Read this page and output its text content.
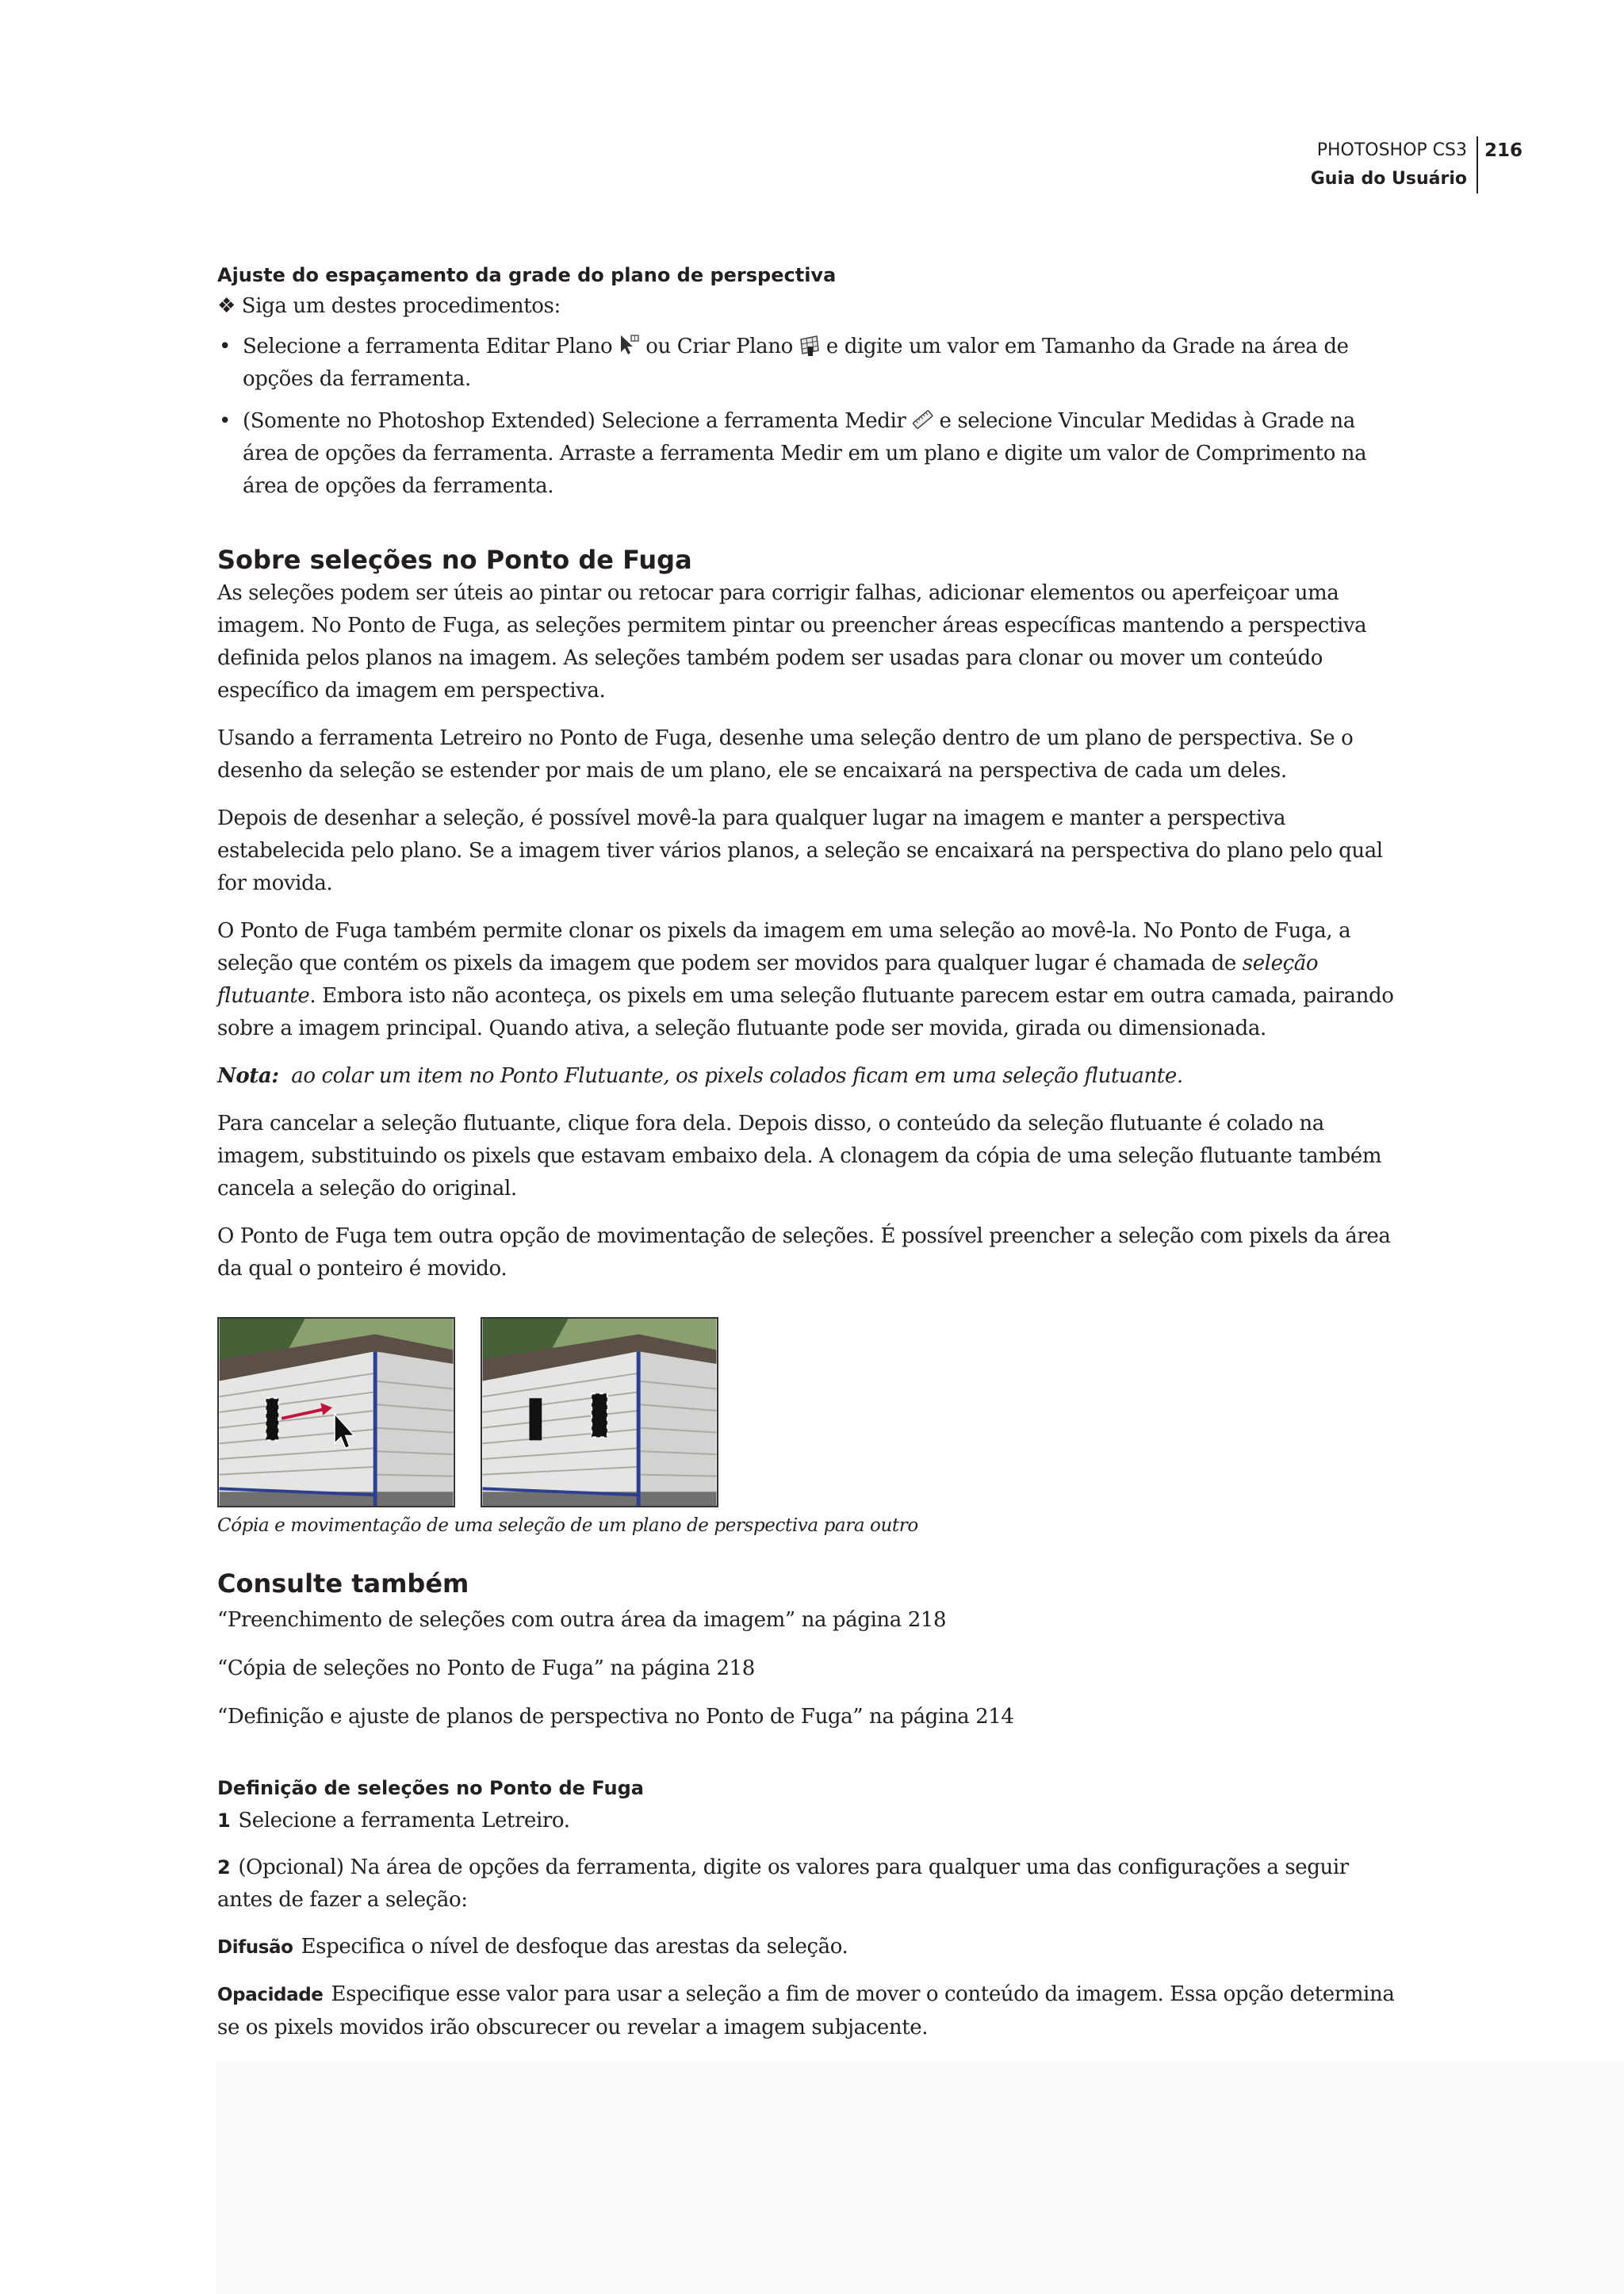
PHOTOSHOP CS3
Guia do Usuário
216
Ajuste do espaçamento da grade do plano de perspectiva

❖ Siga um destes procedimentos:

• Selecione a ferramenta Editar Plano ou Criar Plano e digite um valor em Tamanho da Grade na área de opções da ferramenta.
• (Somente no Photoshop Extended) Selecione a ferramenta Medir e selecione Vincular Medidas à Grade na área de opções da ferramenta. Arraste a ferramenta Medir em um plano e digite um valor de Comprimento na área de opções da ferramenta.
Sobre seleções no Ponto de Fuga

As seleções podem ser úteis ao pintar ou retocar para corrigir falhas, adicionar elementos ou aperfeiçoar uma imagem. No Ponto de Fuga, as seleções permitem pintar ou preencher áreas específicas mantendo a perspectiva definida pelos planos na imagem. As seleções também podem ser usadas para clonar ou mover um conteúdo específico da imagem em perspectiva.

Usando a ferramenta Letreiro no Ponto de Fuga, desenhe uma seleção dentro de um plano de perspectiva. Se o desenho da seleção se estender por mais de um plano, ele se encaixará na perspectiva de cada um deles.

Depois de desenhar a seleção, é possível movê-la para qualquer lugar na imagem e manter a perspectiva estabelecida pelo plano. Se a imagem tiver vários planos, a seleção se encaixará na perspectiva do plano pelo qual for movida.

O Ponto de Fuga também permite clonar os pixels da imagem em uma seleção ao movê-la. No Ponto de Fuga, a seleção que contém os pixels da imagem que podem ser movidos para qualquer lugar é chamada de seleção flutuante. Embora isto não aconteça, os pixels em uma seleção flutuante parecem estar em outra camada, pairando sobre a imagem principal. Quando ativa, a seleção flutuante pode ser movida, girada ou dimensionada.

Nota: ao colar um item no Ponto Flutuante, os pixels colados ficam em uma seleção flutuante.

Para cancelar a seleção flutuante, clique fora dela. Depois disso, o conteúdo da seleção flutuante é colado na imagem, substituindo os pixels que estavam embaixo dela. A clonagem da cópia de uma seleção flutuante também cancela a seleção do original.

O Ponto de Fuga tem outra opção de movimentação de seleções. É possível preencher a seleção com pixels da área da qual o ponteiro é movido.

Cópia e movimentação de uma seleção de um plano de perspectiva para outro

Consulte também

“Preenchimento de seleções com outra área da imagem” na página 218

“Cópia de seleções no Ponto de Fuga” na página 218

“Definição e ajuste de planos de perspectiva no Ponto de Fuga” na página 214

Definição de seleções no Ponto de Fuga

1 Selecione a ferramenta Letreiro.

2 (Opcional) Na área de opções da ferramenta, digite os valores para qualquer uma das configurações a seguir antes de fazer a seleção:

Difusão Especifica o nível de desfoque das arestas da seleção.

Opacidade Especifique esse valor para usar a seleção a fim de mover o conteúdo da imagem. Essa opção determina se os pixels movidos irão obscurecer ou revelar a imagem subjacente.
